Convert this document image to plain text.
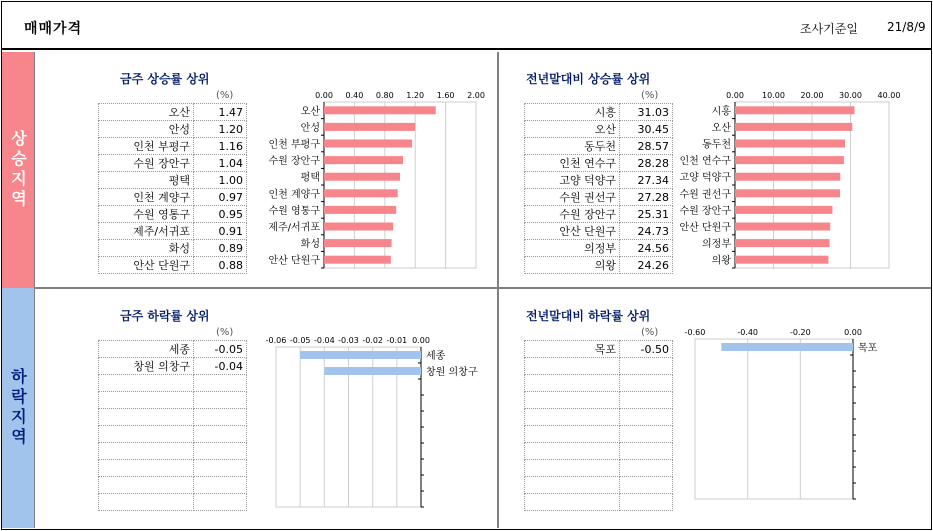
매매가격	조사기준일 21/8/9
상승지역
하락지역
금주 상승률 상위
(%)
오산	1.47
안성	1.20
인천 부평구	1.16
수원 장안구	1.04
평택	1.00
인천 계양구	0.97
수원 영통구	0.95
제주/서귀포	0.91
화성	0.89
안산 단원구	0.88
0.00 0.40 0.80 1.20 1.60 2.00
오산
안성
인천 부평구
수원 장안구
평택
인천 계양구
수원 영통구
제주/서귀포
화성
안산 단원구
전년말대비 상승률 상위
(%)
시흥	31.03
오산	30.45
동두천	28.57
인천 연수구	28.28
고양 덕양구	27.34
수원 권선구	27.28
수원 장안구	25.31
안산 단원구	24.73
의정부	24.56
의왕	24.26
0.00 10.00 20.00 30.00 40.00
시흥
오산
동두천
인천 연수구
고양 덕양구
수원 권선구
수원 장안구
안산 단원구
의정부
의왕
금주 하락률 상위
(%)
세종	-0.05
창원 의창구	-0.04

-0.06 -0.05 -0.04 -0.03 -0.02 -0.01 0.00
세종
창원 의창구
전년말대비 하락률 상위
(%)
목포	-0.50

-0.60	-0.40	-0.20	0.00
목포
